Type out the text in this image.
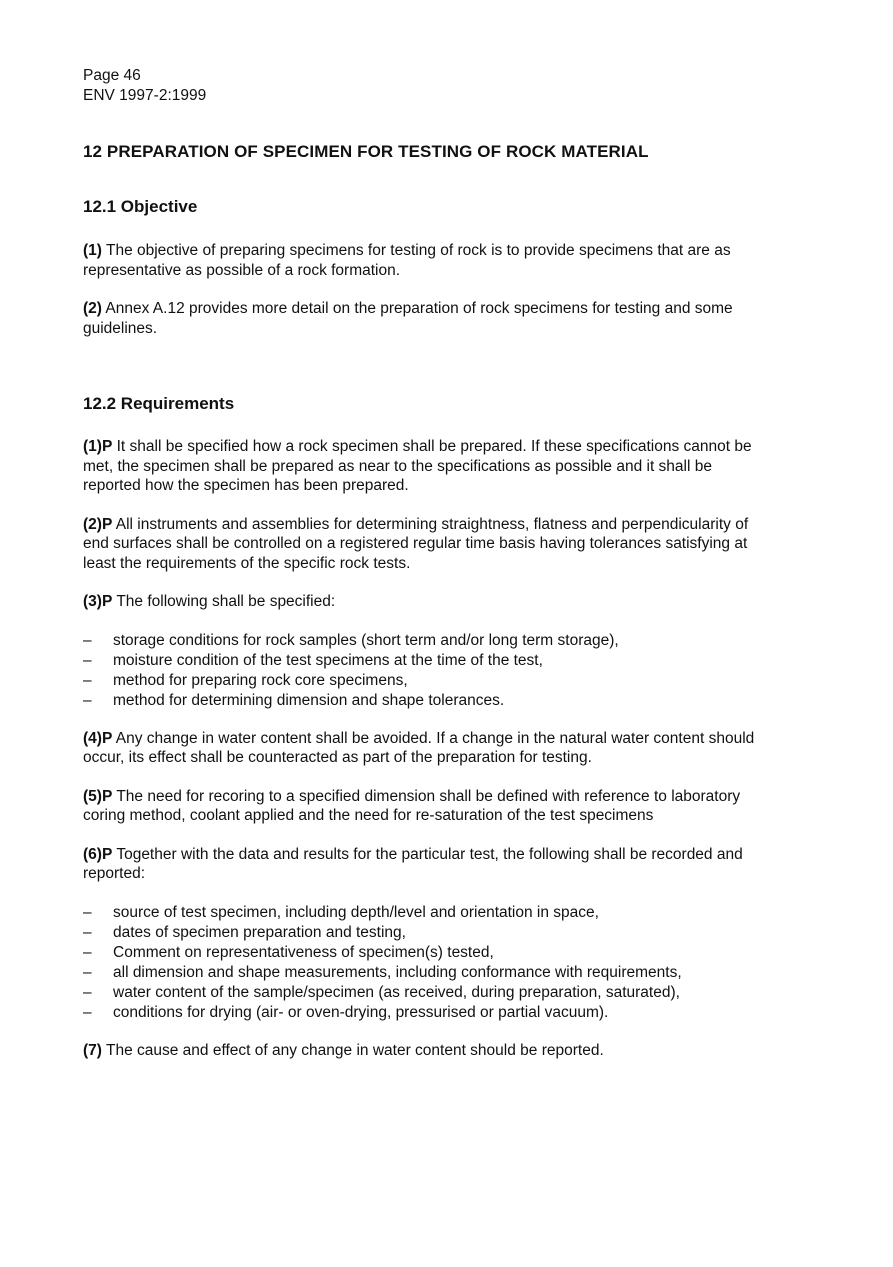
Page 46

ENV 1997-2:1999

12 PREPARATION OF SPECIMEN FOR TESTING OF ROCK MATERIAL
12.1 Objective

(1) The objective of preparing specimens for testing of rock is to provide specimens that are as representative as possible of a rock formation.

(2) Annex A.12 provides more detail on the preparation of rock specimens for testing and some guidelines.

12.2 Requirements

(1)P It shall be specified how a rock specimen shall be prepared. If these specifications cannot be met, the specimen shall be prepared as near to the specifications as possible and it shall be reported how the specimen has been prepared.

(2)P All instruments and assemblies for determining straightness, flatness and perpendicularity of end surfaces shall be controlled on a registered regular time basis having tolerances satisfying at least the requirements of the specific rock tests.

(3)P The following shall be specified:

– storage conditions for rock samples (short term and/or long term storage),
– moisture condition of the test specimens at the time of the test,
– method for preparing rock core specimens,
– method for determining dimension and shape tolerances.

(4)P Any change in water content shall be avoided. If a change in the natural water content should occur, its effect shall be counteracted as part of the preparation for testing.

(5)P The need for recoring to a specified dimension shall be defined with reference to laboratory coring method, coolant applied and the need for re-saturation of the test specimens

(6)P Together with the data and results for the particular test, the following shall be recorded and reported:

– source of test specimen, including depth/level and orientation in space,
– dates of specimen preparation and testing,
– Comment on representativeness of specimen(s) tested,
– all dimension and shape measurements, including conformance with requirements,
– water content of the sample/specimen (as received, during preparation, saturated),
– conditions for drying (air- or oven-drying, pressurised or partial vacuum).

(7) The cause and effect of any change in water content should be reported.
